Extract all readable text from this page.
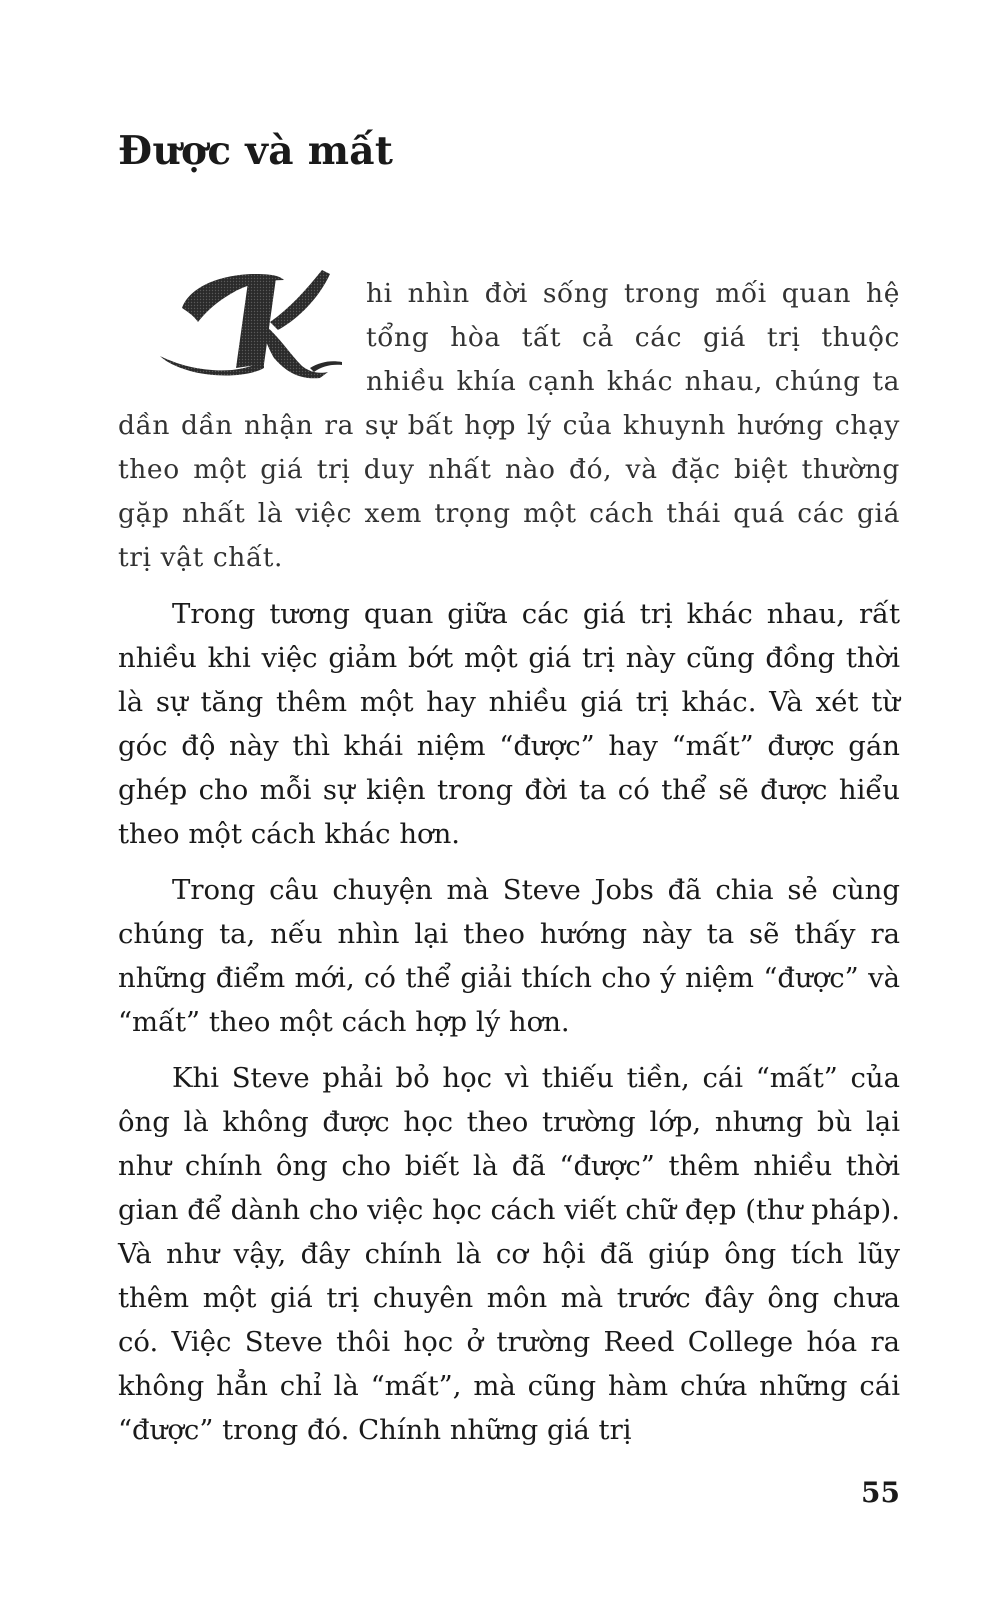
Được và mất

hi nhìn đời sống trong mối quan hệ tổng hòa tất cả các giá trị thuộc nhiều khía cạnh khác nhau, chúng ta dần dần nhận ra sự bất hợp lý của khuynh hướng chạy theo một giá trị duy nhất nào đó, và đặc biệt thường gặp nhất là việc xem trọng một cách thái quá các giá trị vật chất.

Trong tương quan giữa các giá trị khác nhau, rất nhiều khi việc giảm bớt một giá trị này cũng đồng thời là sự tăng thêm một hay nhiều giá trị khác. Và xét từ góc độ này thì khái niệm “được” hay “mất” được gán ghép cho mỗi sự kiện trong đời ta có thể sẽ được hiểu theo một cách khác hơn.

Trong câu chuyện mà Steve Jobs đã chia sẻ cùng chúng ta, nếu nhìn lại theo hướng này ta sẽ thấy ra những điểm mới, có thể giải thích cho ý niệm “được” và “mất” theo một cách hợp lý hơn.

Khi Steve phải bỏ học vì thiếu tiền, cái “mất” của ông là không được học theo trường lớp, nhưng bù lại như chính ông cho biết là đã “được” thêm nhiều thời gian để dành cho việc học cách viết chữ đẹp (thư pháp). Và như vậy, đây chính là cơ hội đã giúp ông tích lũy thêm một giá trị chuyên môn mà trước đây ông chưa có. Việc Steve thôi học ở trường Reed College hóa ra không hẳn chỉ là “mất”, mà cũng hàm chứa những cái “được” trong đó. Chính những giá trị

55
